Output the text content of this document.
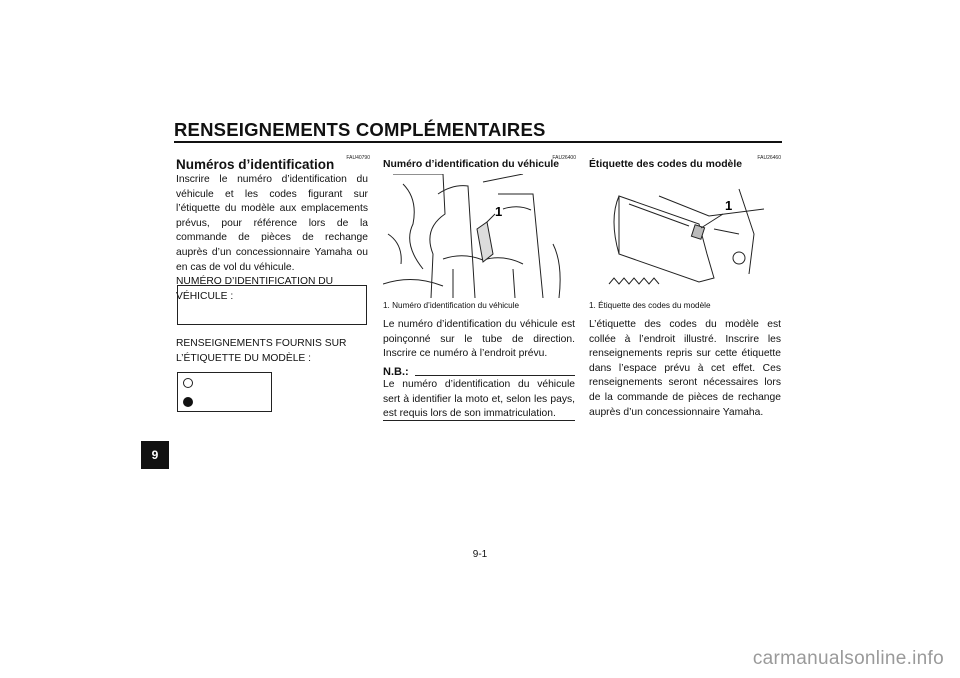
RENSEIGNEMENTS COMPLÉMENTAIRES
9
FAU40790
Numéros d’identification

Inscrire le numéro d’identification du véhicule et les codes figurant sur l’étiquette du modèle aux emplacements prévus, pour référence lors de la commande de pièces de rechange auprès d’un concessionnaire Yamaha ou en cas de vol du véhicule.

NUMÉRO D’IDENTIFICATION DU VÉHICULE :

RENSEIGNEMENTS FOURNIS SUR L’ÉTIQUETTE DU MODÈLE :
FAU26400
Numéro d’identification du véhicule
1
1. Numéro d’identification du véhicule
Le numéro d’identification du véhicule est poinçonné sur le tube de direction. Inscrire ce numéro à l’endroit prévu.
N.B.:
Le numéro d’identification du véhicule sert à identifier la moto et, selon les pays, est requis lors de son immatriculation.
FAU26460
Étiquette des codes du modèle
1
1. Étiquette des codes du modèle
L’étiquette des codes du modèle est collée à l’endroit illustré. Inscrire les renseignements repris sur cette étiquette dans l’espace prévu à cet effet. Ces renseignements seront nécessaires lors de la commande de pièces de rechange auprès d’un concessionnaire Yamaha.
9-1
carmanualsonline.info
